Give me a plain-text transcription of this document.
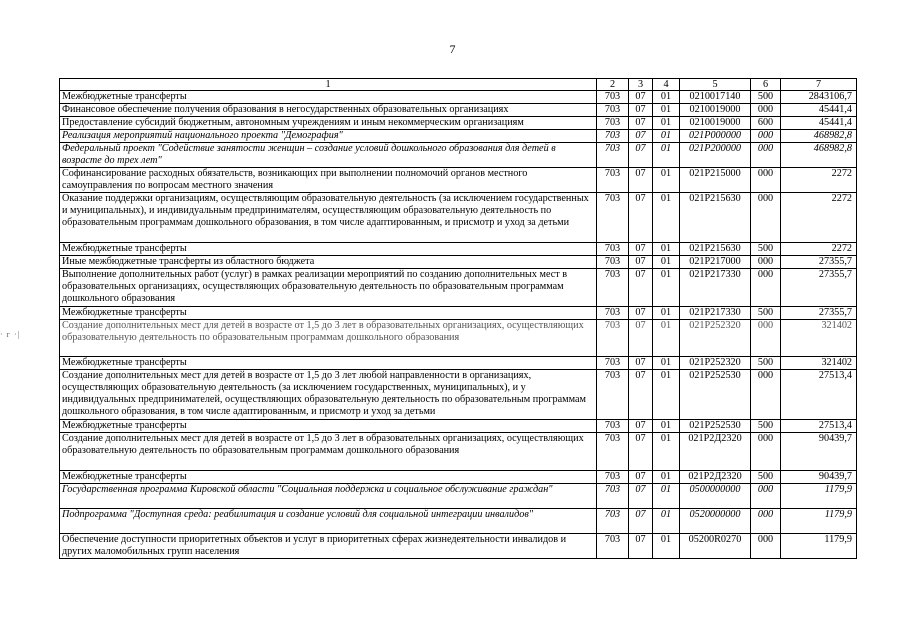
7
· г ·|
1	2	3	4	5	6	7
Межбюджетные трансферты	703	07	01	0210017140	500	2843106,7
Финансовое обеспечение получения образования в негосударственных образовательных организациях	703	07	01	0210019000	000	45441,4
Предоставление субсидий бюджетным, автономным учреждениям и иным некоммерческим организациям	703	07	01	0210019000	600	45441,4
Реализация мероприятий национального проекта "Демография"	703	07	01	021P000000	000	468982,8
Федеральный проект "Содействие занятости женщин – создание условий дошкольного образования для детей в возрасте до трех лет"	703	07	01	021P200000	000	468982,8
Софинансирование расходных обязательств, возникающих при выполнении полномочий органов местного самоуправления по вопросам местного значения	703	07	01	021P215000	000	2272
Оказание поддержки организациям, осуществляющим образовательную деятельность (за исключением государственных и муниципальных), и индивидуальным предпринимателям, осуществляющим образовательную деятельность по образовательным программам дошкольного образования, в том числе адаптированным, и присмотр и уход за детьми	703	07	01	021P215630	000	2272
Межбюджетные трансферты	703	07	01	021P215630	500	2272
Иные межбюджетные трансферты из областного бюджета	703	07	01	021P217000	000	27355,7
Выполнение дополнительных работ (услуг) в рамках реализации мероприятий по созданию дополнительных мест в образовательных организациях, осуществляющих образовательную деятельность по образовательным программам дошкольного образования	703	07	01	021P217330	000	27355,7
Межбюджетные трансферты	703	07	01	021P217330	500	27355,7
Создание дополнительных мест для детей в возрасте от 1,5 до 3 лет в образовательных организациях, осуществляющих образовательную деятельность по образовательным программам дошкольного образования	703	07	01	021P252320	000	321402
Межбюджетные трансферты	703	07	01	021P252320	500	321402
Создание дополнительных мест для детей в возрасте от 1,5 до 3 лет любой направленности в организациях, осуществляющих образовательную деятельность (за исключением государственных, муниципальных), и у индивидуальных предпринимателей, осуществляющих образовательную деятельность по образовательным программам дошкольного образования, в том числе адаптированным, и присмотр и уход за детьми	703	07	01	021P252530	000	27513,4
Межбюджетные трансферты	703	07	01	021P252530	500	27513,4
Создание дополнительных мест для детей в возрасте от 1,5 до 3 лет в образовательных организациях, осуществляющих образовательную деятельность по образовательным программам дошкольного образования	703	07	01	021P2Д2320	000	90439,7
Межбюджетные трансферты	703	07	01	021P2Д2320	500	90439,7
Государственная программа Кировской области "Социальная поддержка и социальное обслуживание граждан"	703	07	01	0500000000	000	1179,9
Подпрограмма "Доступная среда: реабилитация и создание условий для социальной интеграции инвалидов"	703	07	01	0520000000	000	1179,9
Обеспечение доступности приоритетных объектов и услуг в приоритетных сферах жизнедеятельности инвалидов и других маломобильных групп населения	703	07	01	05200R0270	000	1179,9
